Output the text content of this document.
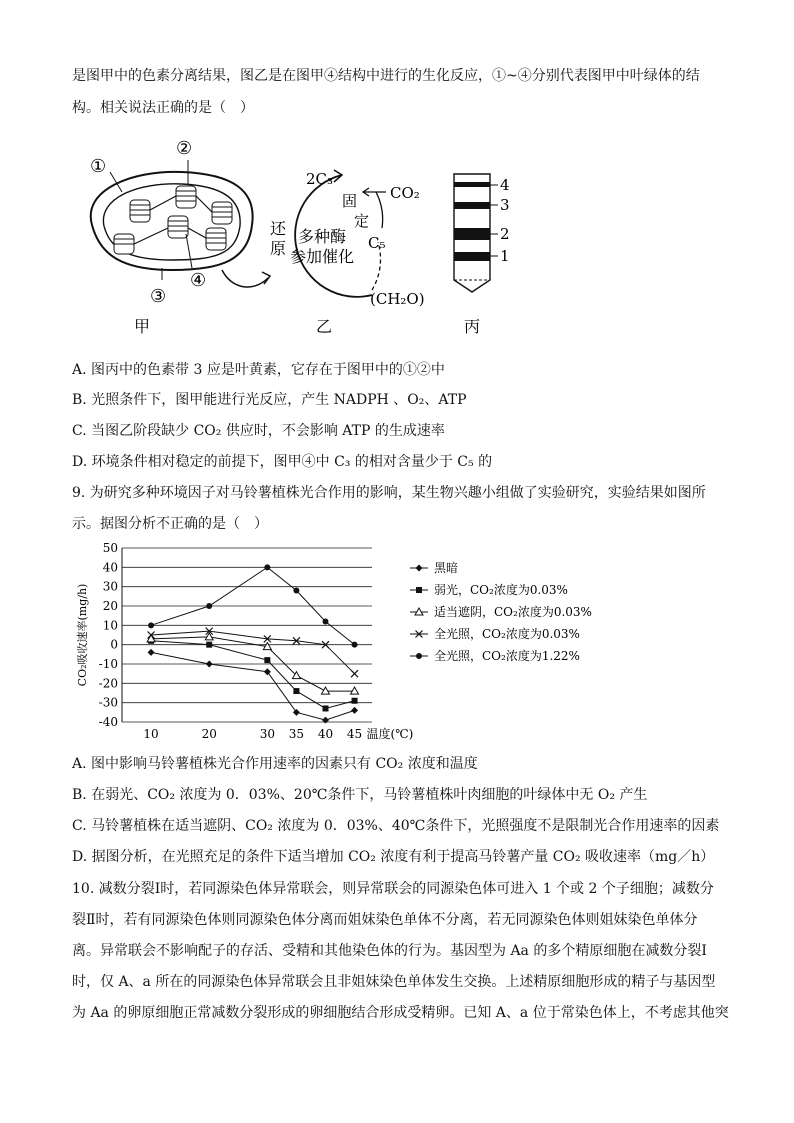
是图甲中的色素分离结果，图乙是在图甲④结构中进行的生化反应，①~④分别代表图甲中叶绿体的结
构。相关说法正确的是（　）
①
②
③
④
甲
2C₃
CO₂
固
定
C₅
(CH₂O)
还
原
多种酶
参加催化
乙
4
3
2
1
丙
A. 图丙中的色素带 3 应是叶黄素，它存在于图甲中的①②中
B. 光照条件下，图甲能进行光反应，产生 NADPH 、O₂、ATP
C. 当图乙阶段缺少 CO₂ 供应时，不会影响 ATP 的生成速率
D. 环境条件相对稳定的前提下，图甲④中 C₃ 的相对含量少于 C₅ 的
9. 为研究多种环境因子对马铃薯植株光合作用的影响，某生物兴趣小组做了实验研究，实验结果如图所
示。据图分析不正确的是（　）
50
40
30
20
10
0
-10
-20
-30
-40
10	20	30 35 40 45 温度(℃)
CO₂吸收速率(mg/h)
黑暗
弱光，CO₂浓度为0.03%
适当遮阴，CO₂浓度为0.03%
全光照，CO₂浓度为0.03%
全光照，CO₂浓度为1.22%
A. 图中影响马铃薯植株光合作用速率的因素只有 CO₂ 浓度和温度
B. 在弱光、CO₂ 浓度为 0．03%、20℃条件下，马铃薯植株叶肉细胞的叶绿体中无 O₂ 产生
C. 马铃薯植株在适当遮阴、CO₂ 浓度为 0．03%、40℃条件下，光照强度不是限制光合作用速率的因素
D. 据图分析，在光照充足的条件下适当增加 CO₂ 浓度有利于提高马铃薯产量 CO₂ 吸收速率（mg／h）
10. 减数分裂Ⅰ时，若同源染色体异常联会，则异常联会的同源染色体可进入 1 个或 2 个子细胞；减数分
裂Ⅱ时，若有同源染色体则同源染色体分离而姐妹染色单体不分离，若无同源染色体则姐妹染色单体分
离。异常联会不影响配子的存活、受精和其他染色体的行为。基因型为 Aa 的多个精原细胞在减数分裂Ⅰ
时，仅 A、a 所在的同源染色体异常联会且非姐妹染色单体发生交换。上述精原细胞形成的精子与基因型
为 Aa 的卵原细胞正常减数分裂形成的卵细胞结合形成受精卵。已知 A、a 位于常染色体上，不考虑其他突
